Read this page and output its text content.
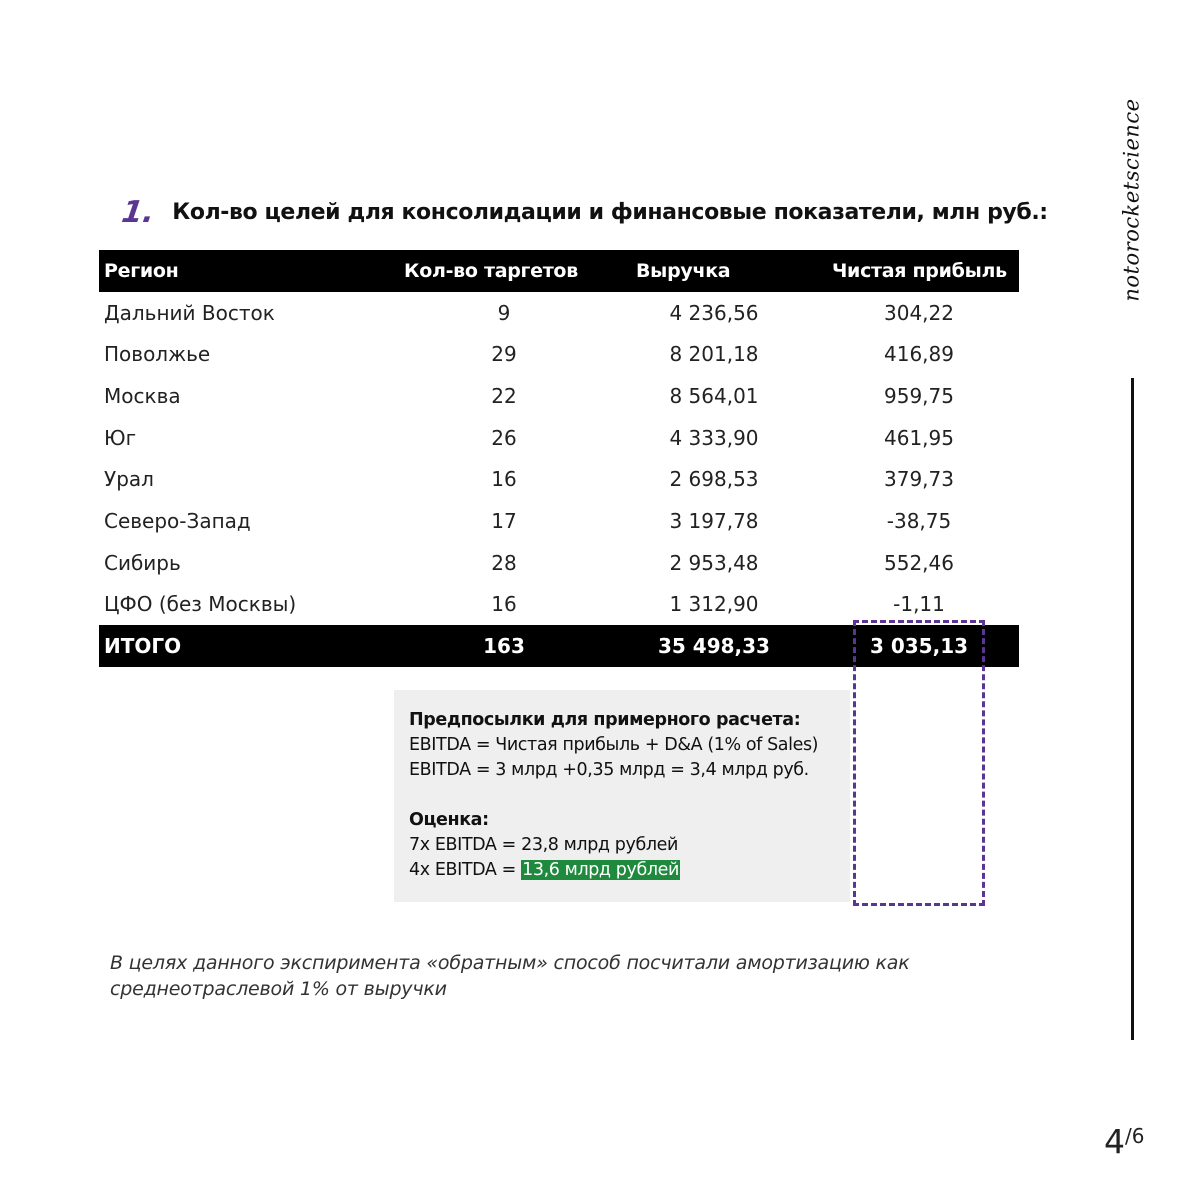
notorocketscience
1. Кол-во целей для консолидации и финансовые показатели, млн руб.:
Регион	Кол-во таргетов	Выручка	Чистая прибыль
Дальний Восток	9	4 236,56	304,22
Поволжье	29	8 201,18	416,89
Москва	22	8 564,01	959,75
Юг	26	4 333,90	461,95
Урал	16	2 698,53	379,73
Северо-Запад	17	3 197,78	-38,75
Сибирь	28	2 953,48	552,46
ЦФО (без Москвы)	16	1 312,90	-1,11
ИТОГО	163	35 498,33	3 035,13
Предпосылки для примерного расчета:
EBITDA = Чистая прибыль + D&A (1% of Sales)
EBITDA = 3 млрд +0,35 млрд = 3,4 млрд руб.
Оценка:
7x EBITDA = 23,8 млрд рублей
4x EBITDA = 13,6 млрд рублей
В целях данного экспиримента «обратным» способ посчитали амортизацию как среднеотраслевой 1% от выручки
4/6
